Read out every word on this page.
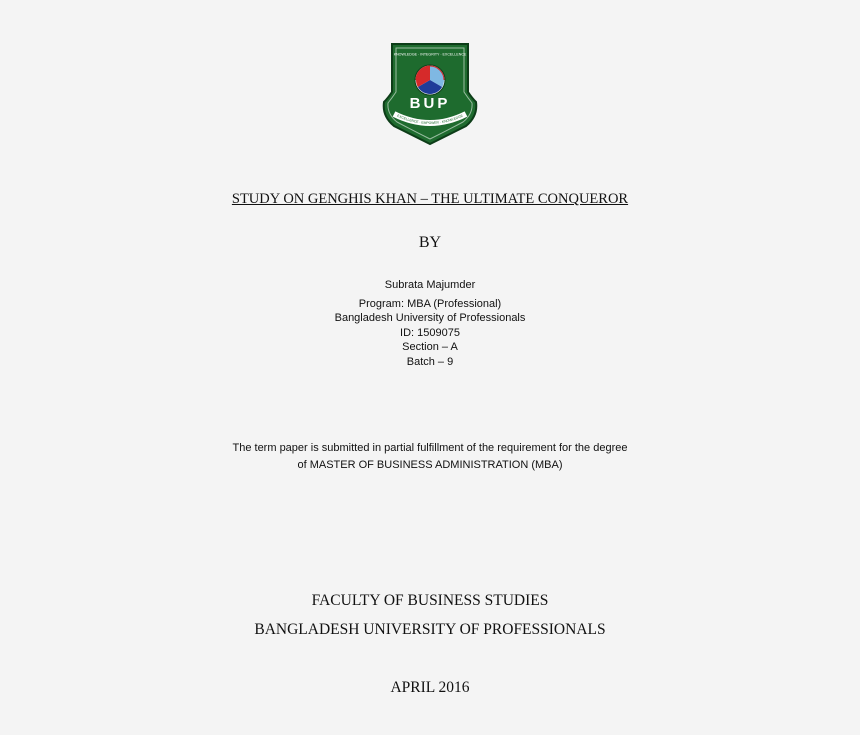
KNOWLEDGE · INTEGRITY · EXCELLENCE
BUP
EXCELLENCE · EMPOWER · KNOWLEDGE
STUDY ON GENGHIS KHAN – THE ULTIMATE CONQUEROR
BY
Subrata Majumder
Program: MBA (Professional)
Bangladesh University of Professionals
ID: 1509075
Section – A
Batch – 9
The term paper is submitted in partial fulfillment of the requirement for the degree
of MASTER OF BUSINESS ADMINISTRATION (MBA)
FACULTY OF BUSINESS STUDIES
BANGLADESH UNIVERSITY OF PROFESSIONALS
APRIL 2016
